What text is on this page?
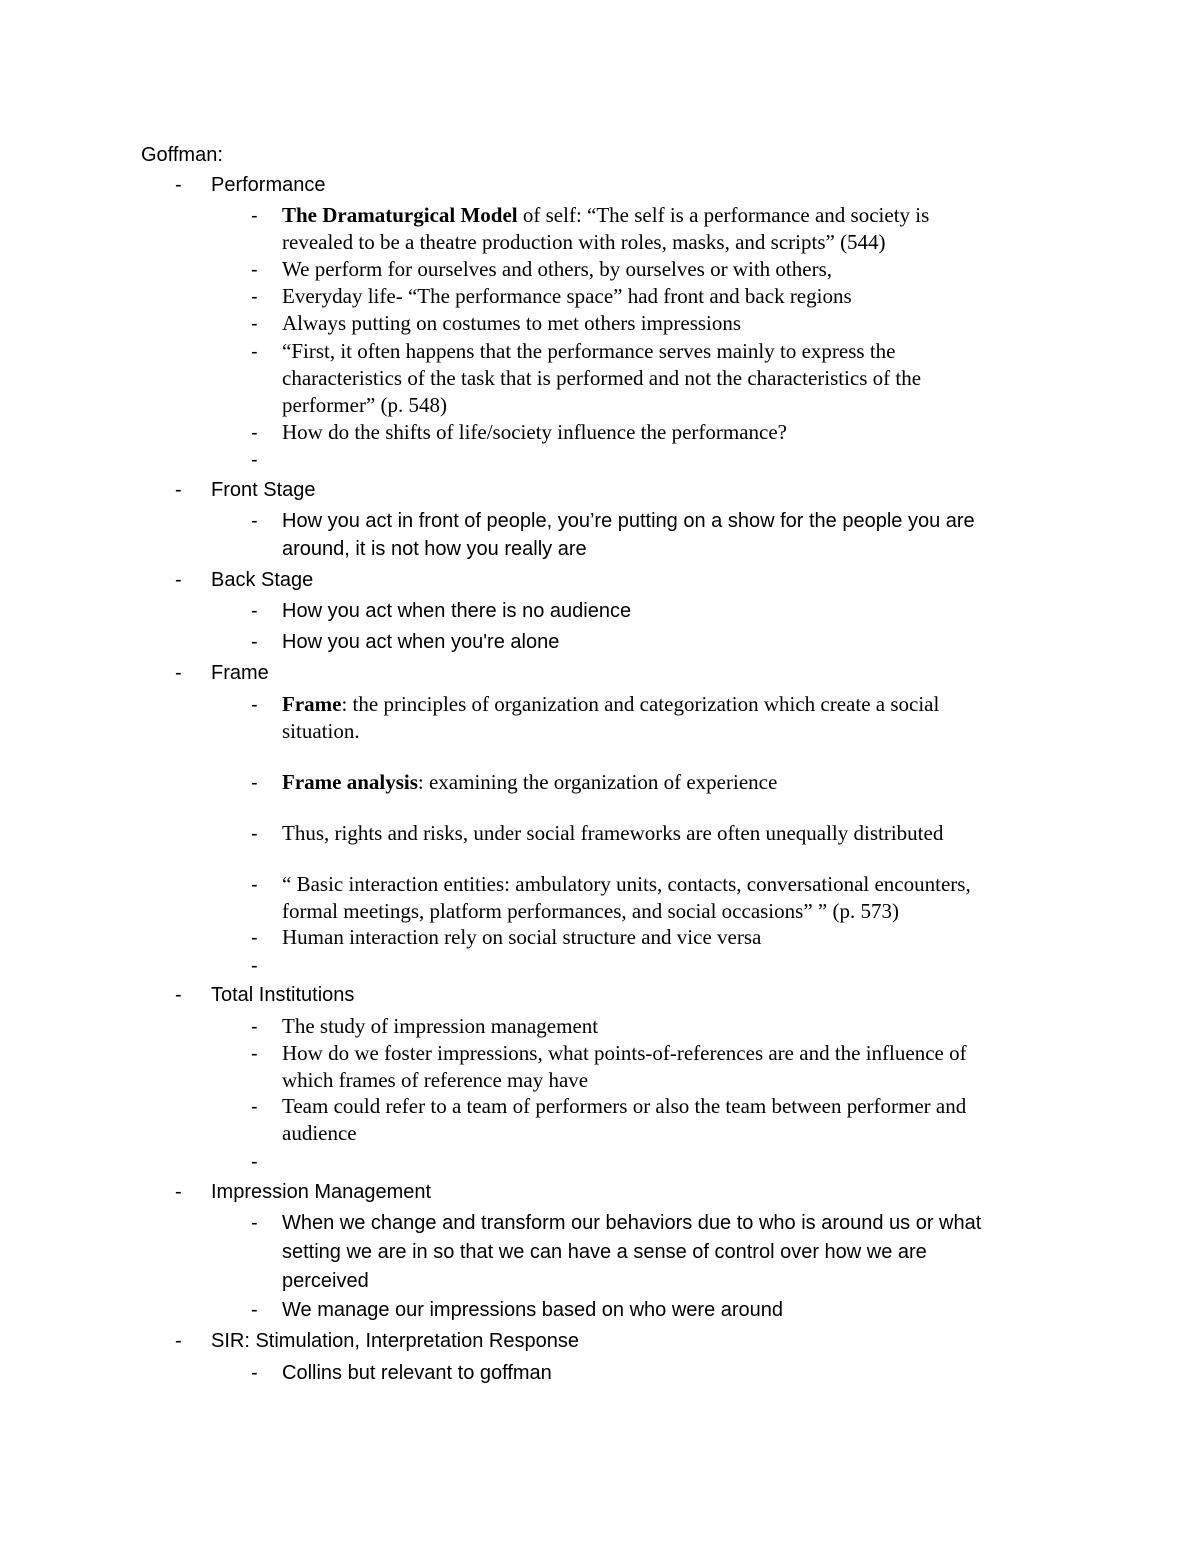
Goffman:
- Performance
- The Dramaturgical Model of self: “The self is a performance and society is
revealed to be a theatre production with roles, masks, and scripts” (544)
- We perform for ourselves and others, by ourselves or with others,
- Everyday life- “The performance space” had front and back regions
- Always putting on costumes to met others impressions
- “First, it often happens that the performance serves mainly to express the
characteristics of the task that is performed and not the characteristics of the
performer” (p. 548)
- How do the shifts of life/society influence the performance?
-
- Front Stage
- How you act in front of people, you’re putting on a show for the people you are
around, it is not how you really are
- Back Stage
- How you act when there is no audience
- How you act when you're alone
- Frame
- Frame: the principles of organization and categorization which create a social
situation.
- Frame analysis: examining the organization of experience
- Thus, rights and risks, under social frameworks are often unequally distributed
- “ Basic interaction entities: ambulatory units, contacts, conversational encounters,
formal meetings, platform performances, and social occasions” ” (p. 573)
- Human interaction rely on social structure and vice versa
-
- Total Institutions
- The study of impression management
- How do we foster impressions, what points-of-references are and the influence of
which frames of reference may have
- Team could refer to a team of performers or also the team between performer and
audience
-
- Impression Management
- When we change and transform our behaviors due to who is around us or what
setting we are in so that we can have a sense of control over how we are
perceived
- We manage our impressions based on who were around
- SIR: Stimulation, Interpretation Response
- Collins but relevant to goffman
